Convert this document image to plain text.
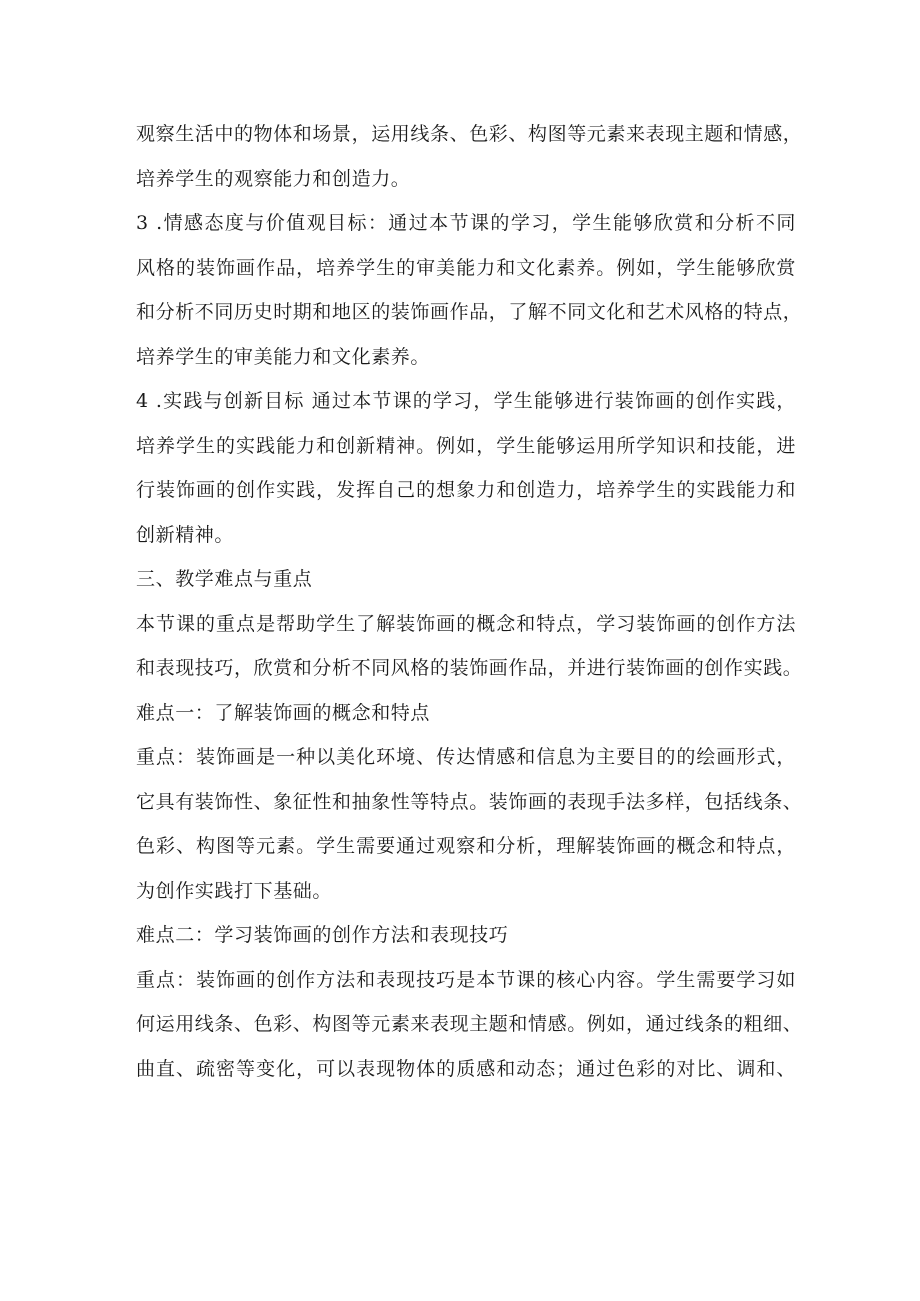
观察生活中的物体和场景，运用线条、色彩、构图等元素来表现主题和情感，
培养学生的观察能力和创造力。

3 .情感态度与价值观目标：通过本节课的学习，学生能够欣赏和分析不同
风格的装饰画作品，培养学生的审美能力和文化素养。例如，学生能够欣赏
和分析不同历史时期和地区的装饰画作品，了解不同文化和艺术风格的特点，
培养学生的审美能力和文化素养。

4 .实践与创新目标 通过本节课的学习，学生能够进行装饰画的创作实践，
培养学生的实践能力和创新精神。例如，学生能够运用所学知识和技能，进
行装饰画的创作实践，发挥自己的想象力和创造力，培养学生的实践能力和
创新精神。

三、教学难点与重点

本节课的重点是帮助学生了解装饰画的概念和特点，学习装饰画的创作方法
和表现技巧，欣赏和分析不同风格的装饰画作品，并进行装饰画的创作实践。

难点一：了解装饰画的概念和特点

重点：装饰画是一种以美化环境、传达情感和信息为主要目的的绘画形式，
它具有装饰性、象征性和抽象性等特点。装饰画的表现手法多样，包括线条、
色彩、构图等元素。学生需要通过观察和分析，理解装饰画的概念和特点，
为创作实践打下基础。

难点二：学习装饰画的创作方法和表现技巧

重点：装饰画的创作方法和表现技巧是本节课的核心内容。学生需要学习如
何运用线条、色彩、构图等元素来表现主题和情感。例如，通过线条的粗细、
曲直、疏密等变化，可以表现物体的质感和动态；通过色彩的对比、调和、
